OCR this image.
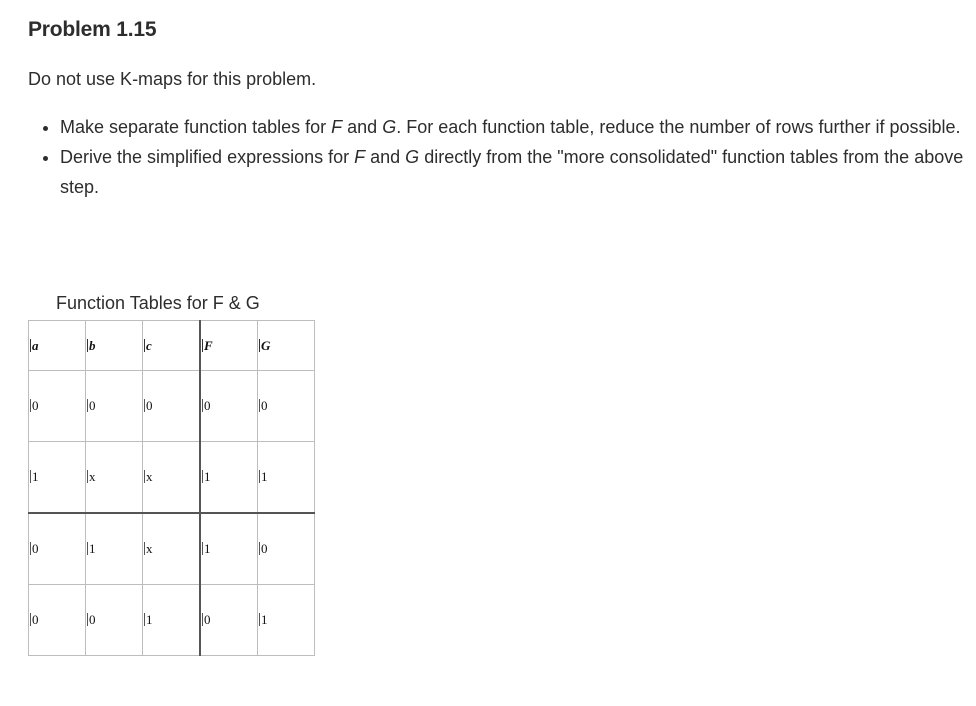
Problem 1.15

Do not use K-maps for this problem.

• Make separate function tables for F and G. For each function table, reduce the number of rows further if possible.
• Derive the simplified expressions for F and G directly from the "more consolidated" function tables from the above step.

Function Tables for F & G

a	b	c	F	G
0	0	0	0	0
1	x	x	1	1
0	1	x	1	0
0	0	1	0	1
